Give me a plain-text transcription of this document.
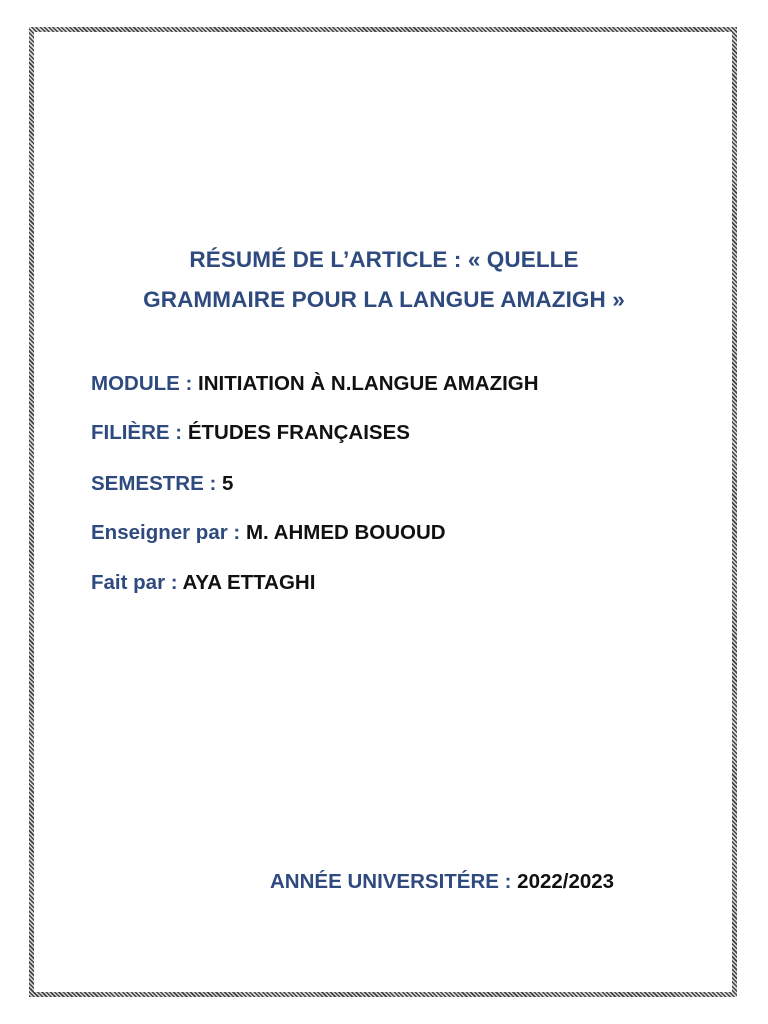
RÉSUMÉ DE L’ARTICLE : « QUELLE
GRAMMAIRE POUR LA LANGUE AMAZIGH »
MODULE : INITIATION À N.LANGUE AMAZIGH
FILIÈRE : ÉTUDES FRANÇAISES
SEMESTRE : 5
Enseigner par : M. AHMED BOUOUD
Fait par : AYA ETTAGHI
ANNÉE UNIVERSITÉRE : 2022/2023
